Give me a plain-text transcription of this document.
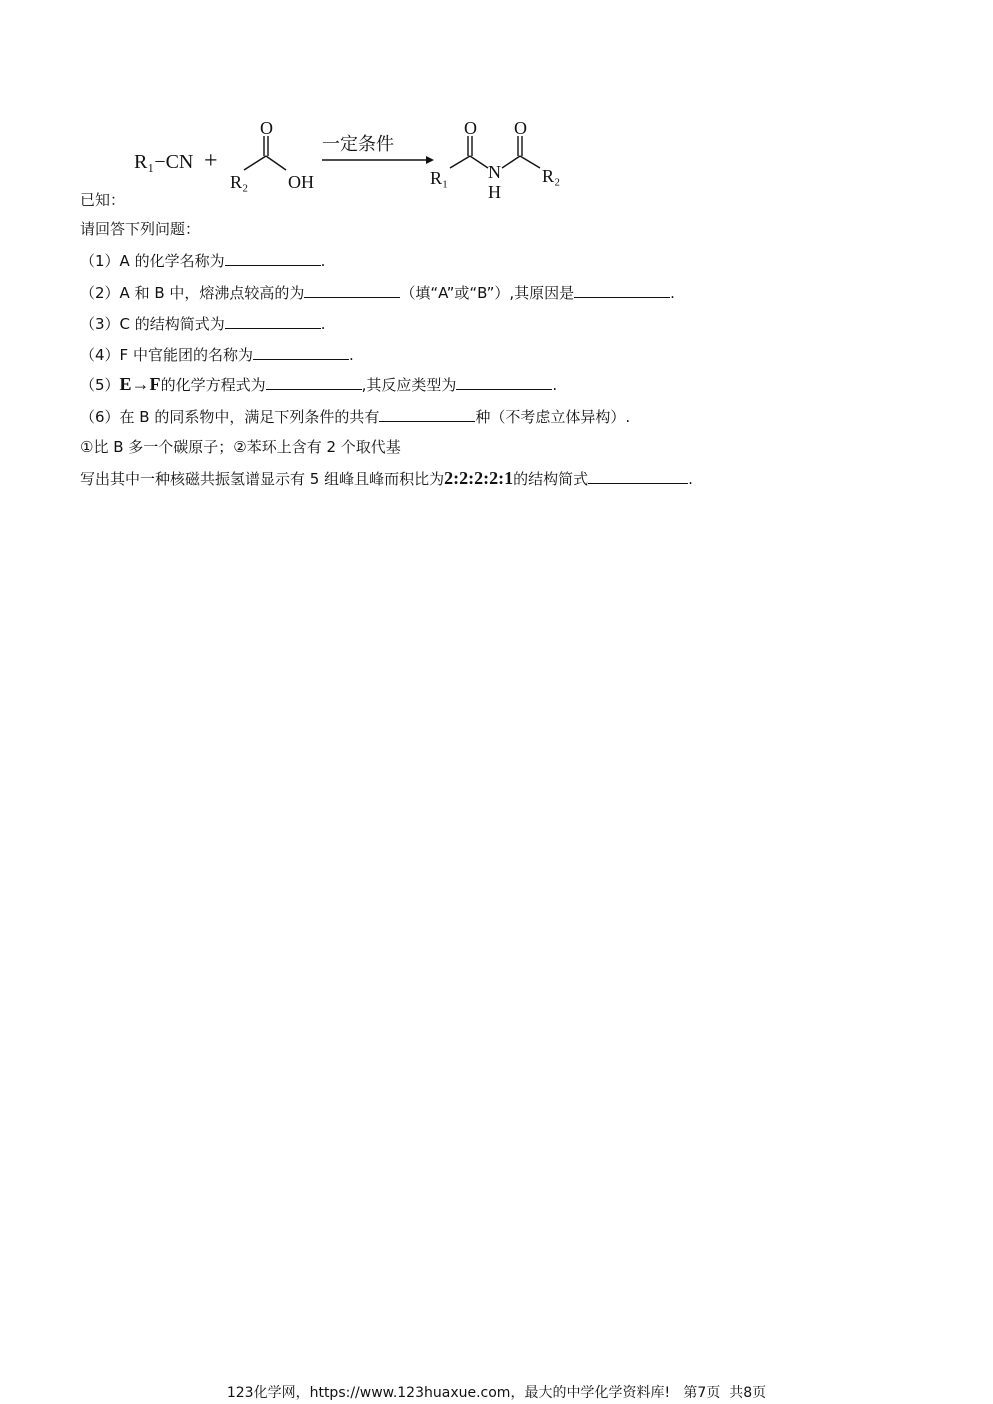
R₁−CN +
O
R₂ OH
一定条件
O O
R₁ N
H
R₂
已知：
请回答下列问题：
（1）A 的化学名称为	.
（2）A 和 B 中，熔沸点较高的为	（填“A”或“B”）,其原因是	.
（3）C 的结构简式为	.
（4）F 中官能团的名称为	.
（5）E→F的化学方程式为	,其反应类型为	.
（6）在 B 的同系物中，满足下列条件的共有	种（不考虑立体异构）.
①比 B 多一个碳原子；②苯环上含有 2 个取代基
写出其中一种核磁共振氢谱显示有 5 组峰且峰而积比为2:2:2:2:1的结构简式	.
123化学网，https://www.123huaxue.com，最大的中学化学资料库!   第7页  共8页
